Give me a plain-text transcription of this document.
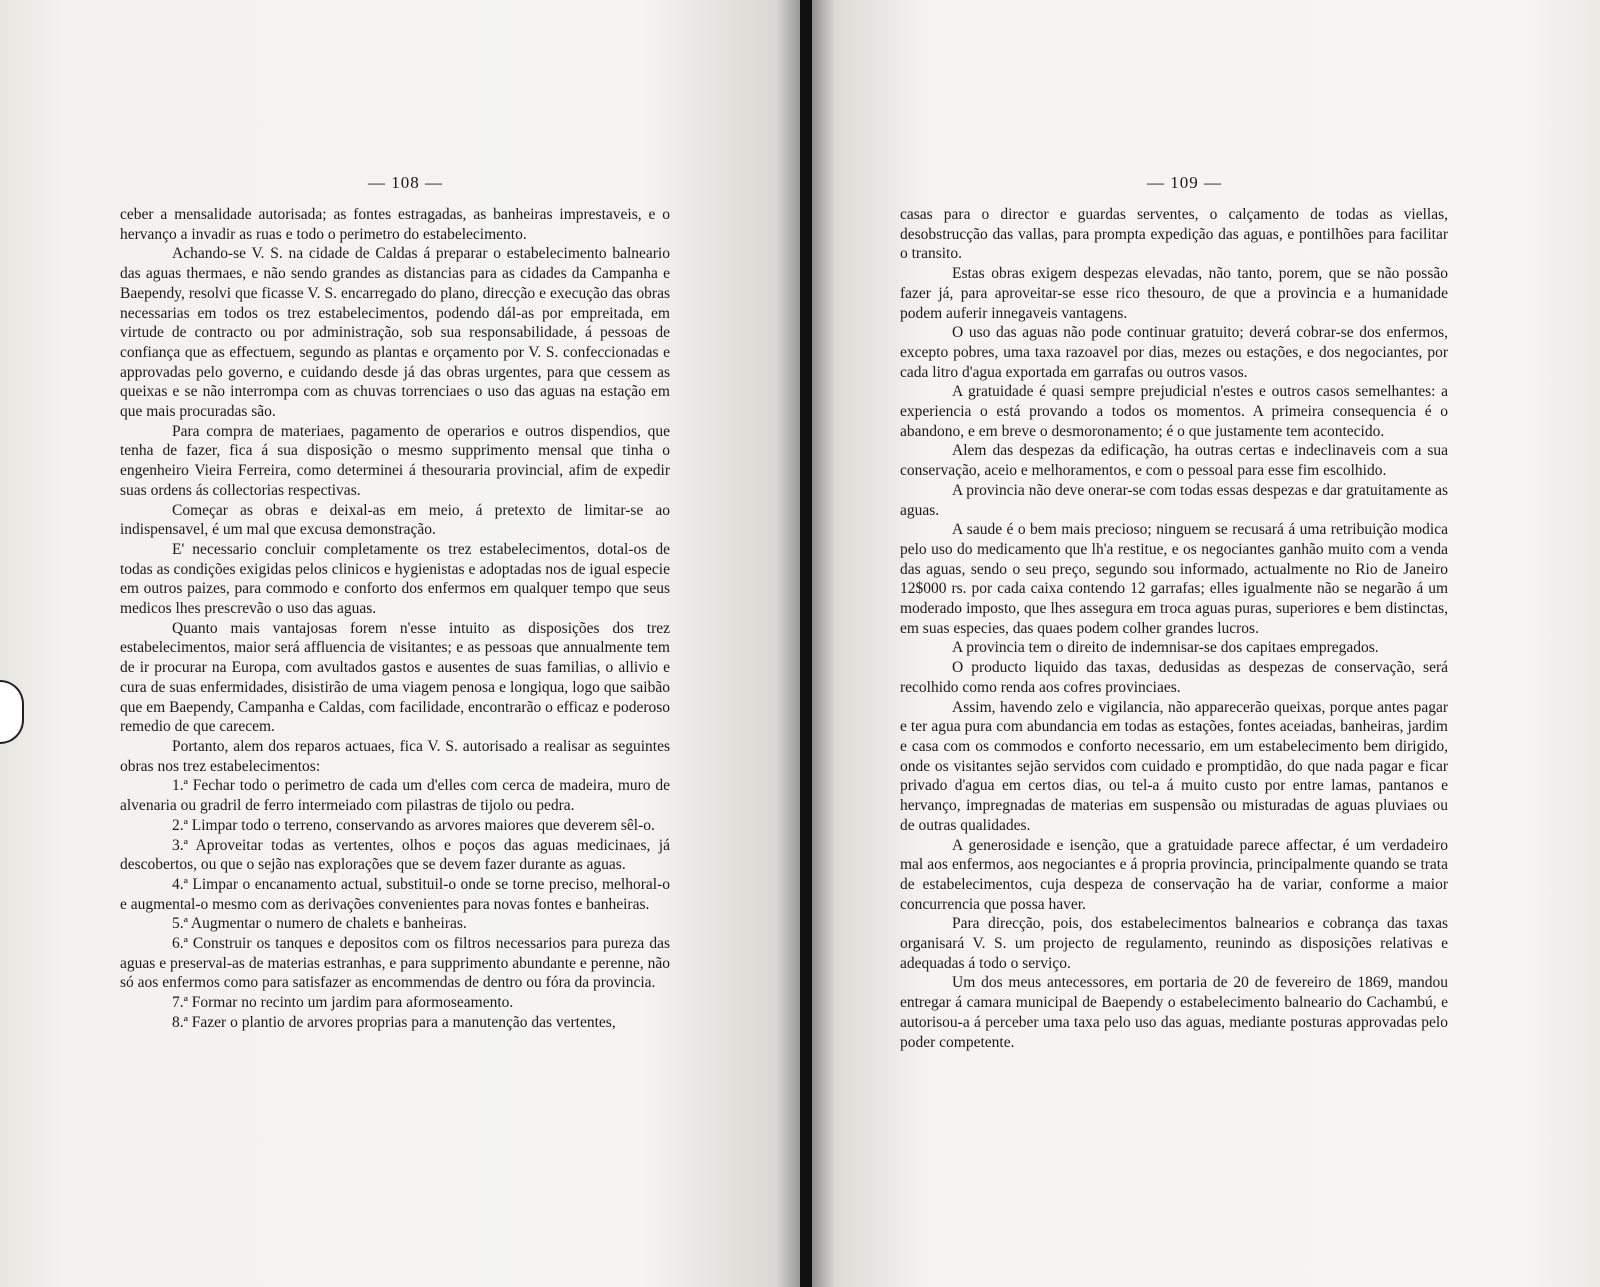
— 108 —

ceber a mensalidade autorisada; as fontes estragadas, as banheiras imprestaveis, e o hervanço a invadir as ruas e todo o perimetro do estabelecimento.

Achando-se V. S. na cidade de Caldas á preparar o estabelecimento balneario das aguas thermaes, e não sendo grandes as distancias para as cidades da Campanha e Baependy, resolvi que ficasse V. S. encarregado do plano, direcção e execução das obras necessarias em todos os trez estabelecimentos, podendo dál-as por empreitada, em virtude de contracto ou por administração, sob sua responsabilidade, á pessoas de confiança que as effectuem, segundo as plantas e orçamento por V. S. confeccionadas e approvadas pelo governo, e cuidando desde já das obras urgentes, para que cessem as queixas e se não interrompa com as chuvas torrenciaes o uso das aguas na estação em que mais procuradas são.

Para compra de materiaes, pagamento de operarios e outros dispendios, que tenha de fazer, fica á sua disposição o mesmo supprimento mensal que tinha o engenheiro Vieira Ferreira, como determinei á thesouraria provincial, afim de expedir suas ordens ás collectorias respectivas.

Começar as obras e deixal-as em meio, á pretexto de limitar-se ao indispensavel, é um mal que excusa demonstração.

E' necessario concluir completamente os trez estabelecimentos, dotal-os de todas as condições exigidas pelos clinicos e hygienistas e adoptadas nos de igual especie em outros paizes, para commodo e conforto dos enfermos em qualquer tempo que seus medicos lhes prescrevão o uso das aguas.

Quanto mais vantajosas forem n'esse intuito as disposições dos trez estabelecimentos, maior será affluencia de visitantes; e as pessoas que annualmente tem de ir procurar na Europa, com avultados gastos e ausentes de suas familias, o allivio e cura de suas enfermidades, disistirão de uma viagem penosa e longiqua, logo que saibão que em Baependy, Campanha e Caldas, com facilidade, encontrarão o efficaz e poderoso remedio de que carecem.

Portanto, alem dos reparos actuaes, fica V. S. autorisado a realisar as seguintes obras nos trez estabelecimentos:

1.ª Fechar todo o perimetro de cada um d'elles com cerca de madeira, muro de alvenaria ou gradril de ferro intermeiado com pilastras de tijolo ou pedra.

2.ª Limpar todo o terreno, conservando as arvores maiores que deverem sêl-o.

3.ª Aproveitar todas as vertentes, olhos e poços das aguas medicinaes, já descobertos, ou que o sejão nas explorações que se devem fazer durante as aguas.

4.ª Limpar o encanamento actual, substituil-o onde se torne preciso, melhoral-o e augmental-o mesmo com as derivações convenientes para novas fontes e banheiras.

5.ª Augmentar o numero de chalets e banheiras.

6.ª Construir os tanques e depositos com os filtros necessarios para pureza das aguas e preserval-as de materias estranhas, e para supprimento abundante e perenne, não só aos enfermos como para satisfazer as encommendas de dentro ou fóra da provincia.

7.ª Formar no recinto um jardim para aformoseamento.

8.ª Fazer o plantio de arvores proprias para a manutenção das vertentes,

— 109 —

casas para o director e guardas serventes, o calçamento de todas as viellas, desobstrucção das vallas, para prompta expedição das aguas, e pontilhões para facilitar o transito.

Estas obras exigem despezas elevadas, não tanto, porem, que se não possão fazer já, para aproveitar-se esse rico thesouro, de que a provincia e a humanidade podem auferir innegaveis vantagens.

O uso das aguas não pode continuar gratuito; deverá cobrar-se dos enfermos, excepto pobres, uma taxa razoavel por dias, mezes ou estações, e dos negociantes, por cada litro d'agua exportada em garrafas ou outros vasos.

A gratuidade é quasi sempre prejudicial n'estes e outros casos semelhantes: a experiencia o está provando a todos os momentos. A primeira consequencia é o abandono, e em breve o desmoronamento; é o que justamente tem acontecido.

Alem das despezas da edificação, ha outras certas e indeclinaveis com a sua conservação, aceio e melhoramentos, e com o pessoal para esse fim escolhido.

A provincia não deve onerar-se com todas essas despezas e dar gratuitamente as aguas.

A saude é o bem mais precioso; ninguem se recusará á uma retribuição modica pelo uso do medicamento que lh'a restitue, e os negociantes ganhão muito com a venda das aguas, sendo o seu preço, segundo sou informado, actualmente no Rio de Janeiro 12$000 rs. por cada caixa contendo 12 garrafas; elles igualmente não se negarão á um moderado imposto, que lhes assegura em troca aguas puras, superiores e bem distinctas, em suas especies, das quaes podem colher grandes lucros.

A provincia tem o direito de indemnisar-se dos capitaes empregados.

O producto liquido das taxas, dedusidas as despezas de conservação, será recolhido como renda aos cofres provinciaes.

Assim, havendo zelo e vigilancia, não apparecerão queixas, porque antes pagar e ter agua pura com abundancia em todas as estações, fontes aceiadas, banheiras, jardim e casa com os commodos e conforto necessario, em um estabelecimento bem dirigido, onde os visitantes sejão servidos com cuidado e promptidão, do que nada pagar e ficar privado d'agua em certos dias, ou tel-a á muito custo por entre lamas, pantanos e hervanço, impregnadas de materias em suspensão ou misturadas de aguas pluviaes ou de outras qualidades.

A generosidade e isenção, que a gratuidade parece affectar, é um verdadeiro mal aos enfermos, aos negociantes e á propria provincia, principalmente quando se trata de estabelecimentos, cuja despeza de conservação ha de variar, conforme a maior concurrencia que possa haver.

Para direcção, pois, dos estabelecimentos balnearios e cobrança das taxas organisará V. S. um projecto de regulamento, reunindo as disposições relativas e adequadas á todo o serviço.

Um dos meus antecessores, em portaria de 20 de fevereiro de 1869, mandou entregar á camara municipal de Baependy o estabelecimento balneario do Cachambú, e autorisou-a á perceber uma taxa pelo uso das aguas, mediante posturas approvadas pelo poder competente.
